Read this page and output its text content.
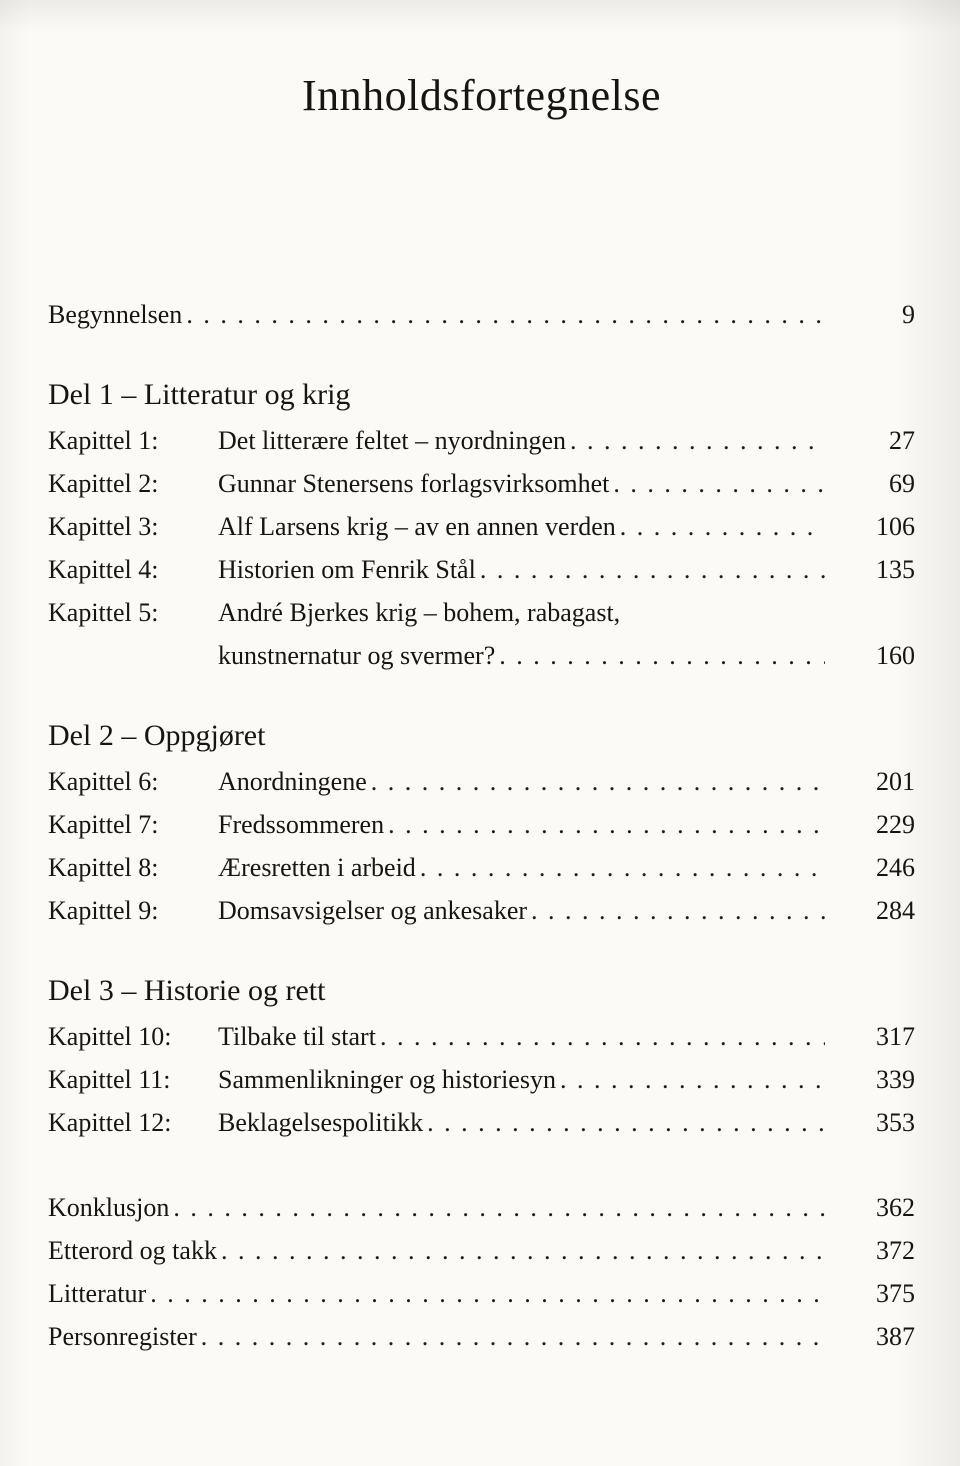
Innholdsfortegnelse
Begynnelsen . . .	9
Del 1 – Litteratur og krig
Kapittel 1:	Det litterære feltet – nyordningen . . .	27
Kapittel 2:	Gunnar Stenersens forlagsvirksomhet . . .	69
Kapittel 3:	Alf Larsens krig – av en annen verden . . .	106
Kapittel 4:	Historien om Fenrik Stål . . .	135
Kapittel 5:	André Bjerkes krig – bohem, rabagast,
kunstnernatur og svermer? . . .	160
Del 2 – Oppgjøret
Kapittel 6:	Anordningene . . .	201
Kapittel 7:	Fredssommeren . . .	229
Kapittel 8:	Æresretten i arbeid . . .	246
Kapittel 9:	Domsavsigelser og ankesaker . . .	284
Del 3 – Historie og rett
Kapittel 10:	Tilbake til start . . .	317
Kapittel 11:	Sammenlikninger og historiesyn . . .	339
Kapittel 12:	Beklagelsespolitikk . . .	353
Konklusjon . . .	362
Etterord og takk . . .	372
Litteratur . . .	375
Personregister . . .	387
